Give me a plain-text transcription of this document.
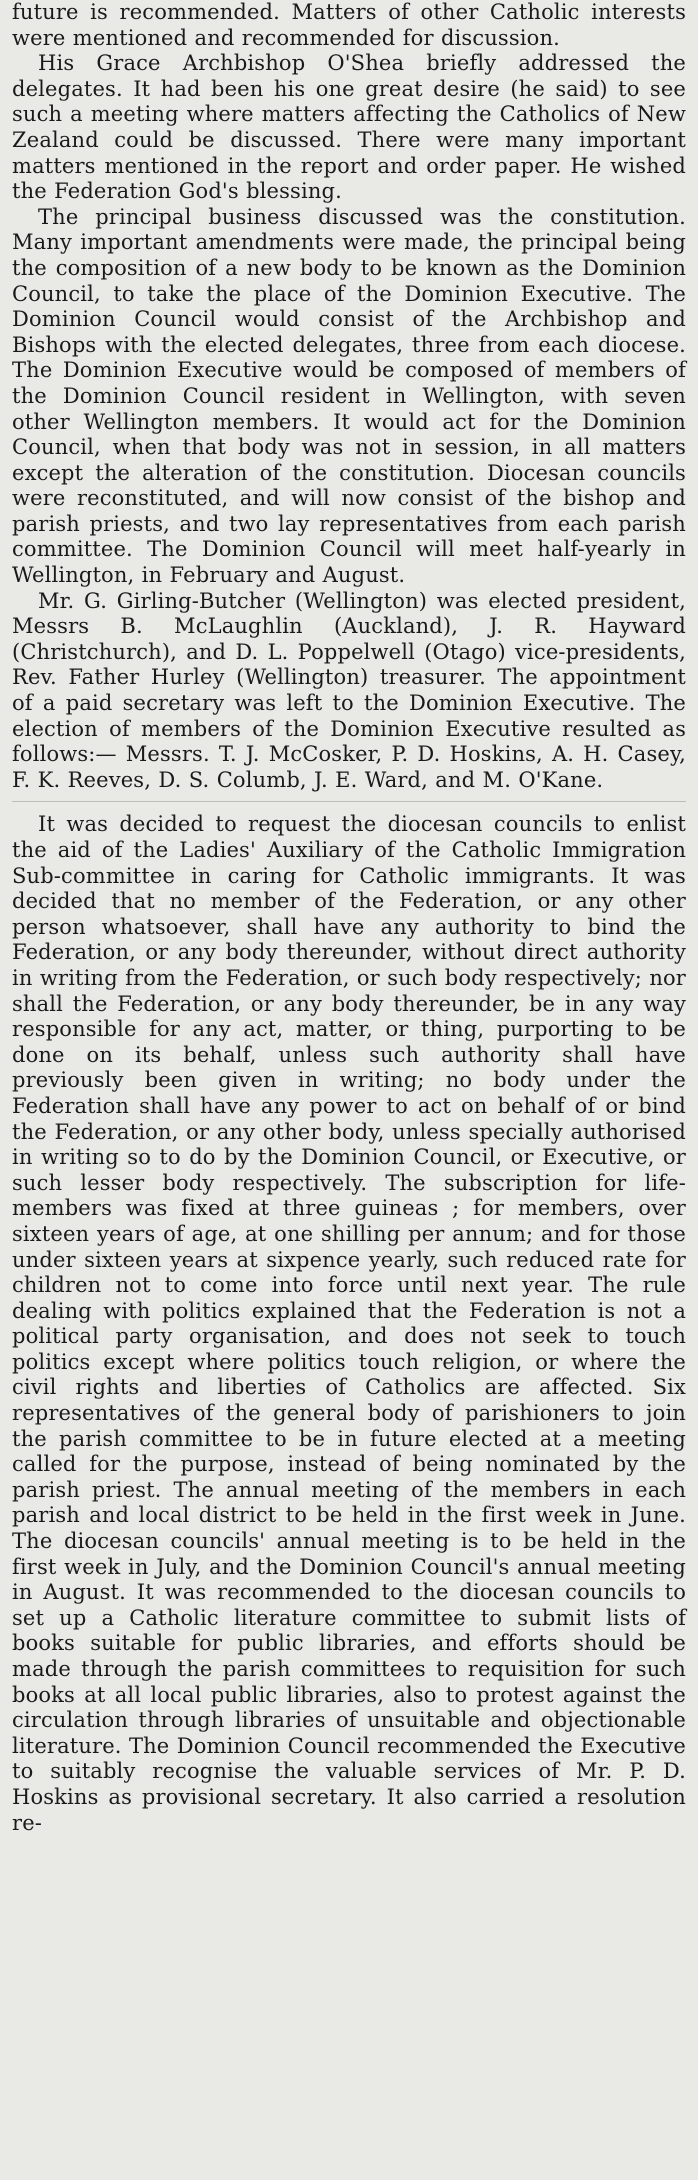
future is recommended. Matters of other Catholic interests were mentioned and recommended for discussion.

His Grace Archbishop O'Shea briefly addressed the delegates. It had been his one great desire (he said) to see such a meeting where matters affecting the Catholics of New Zealand could be discussed. There were many important matters mentioned in the report and order paper. He wished the Federation God's blessing.

The principal business discussed was the constitution. Many important amendments were made, the principal being the composition of a new body to be known as the Dominion Council, to take the place of the Dominion Executive. The Dominion Council would consist of the Archbishop and Bishops with the elected delegates, three from each diocese. The Dominion Executive would be composed of members of the Dominion Council resident in Wellington, with seven other Wellington members. It would act for the Dominion Council, when that body was not in session, in all matters except the alteration of the constitution. Diocesan councils were reconstituted, and will now consist of the bishop and parish priests, and two lay representatives from each parish committee. The Dominion Council will meet half-yearly in Wellington, in February and August.

Mr. G. Girling-Butcher (Wellington) was elected president, Messrs B. McLaughlin (Auckland), J. R. Hayward (Christchurch), and D. L. Poppelwell (Otago) vice-presidents, Rev. Father Hurley (Wellington) treasurer. The appointment of a paid secretary was left to the Dominion Executive. The election of members of the Dominion Executive resulted as follows:— Messrs. T. J. McCosker, P. D. Hoskins, A. H. Casey, F. K. Reeves, D. S. Columb, J. E. Ward, and M. O'Kane.

It was decided to request the diocesan councils to enlist the aid of the Ladies' Auxiliary of the Catholic Immigration Sub-committee in caring for Catholic immigrants. It was decided that no member of the Federation, or any other person whatsoever, shall have any authority to bind the Federation, or any body thereunder, without direct authority in writing from the Federation, or such body respectively; nor shall the Federation, or any body thereunder, be in any way responsible for any act, matter, or thing, purporting to be done on its behalf, unless such authority shall have previously been given in writing; no body under the Federation shall have any power to act on behalf of or bind the Federation, or any other body, unless specially authorised in writing so to do by the Dominion Council, or Executive, or such lesser body respectively. The subscription for life-members was fixed at three guineas ; for members, over sixteen years of age, at one shilling per annum; and for those under sixteen years at sixpence yearly, such reduced rate for children not to come into force until next year. The rule dealing with politics explained that the Federation is not a political party organisation, and does not seek to touch politics except where politics touch religion, or where the civil rights and liberties of Catholics are affected. Six representatives of the general body of parishioners to join the parish committee to be in future elected at a meeting called for the purpose, instead of being nominated by the parish priest. The annual meeting of the members in each parish and local district to be held in the first week in June. The diocesan councils' annual meeting is to be held in the first week in July, and the Dominion Council's annual meeting in August. It was recommended to the diocesan councils to set up a Catholic literature committee to submit lists of books suitable for public libraries, and efforts should be made through the parish committees to requisition for such books at all local public libraries, also to protest against the circulation through libraries of unsuitable and objectionable literature. The Dominion Council recommended the Executive to suitably recognise the valuable services of Mr. P. D. Hoskins as provisional secretary. It also carried a resolution re-
